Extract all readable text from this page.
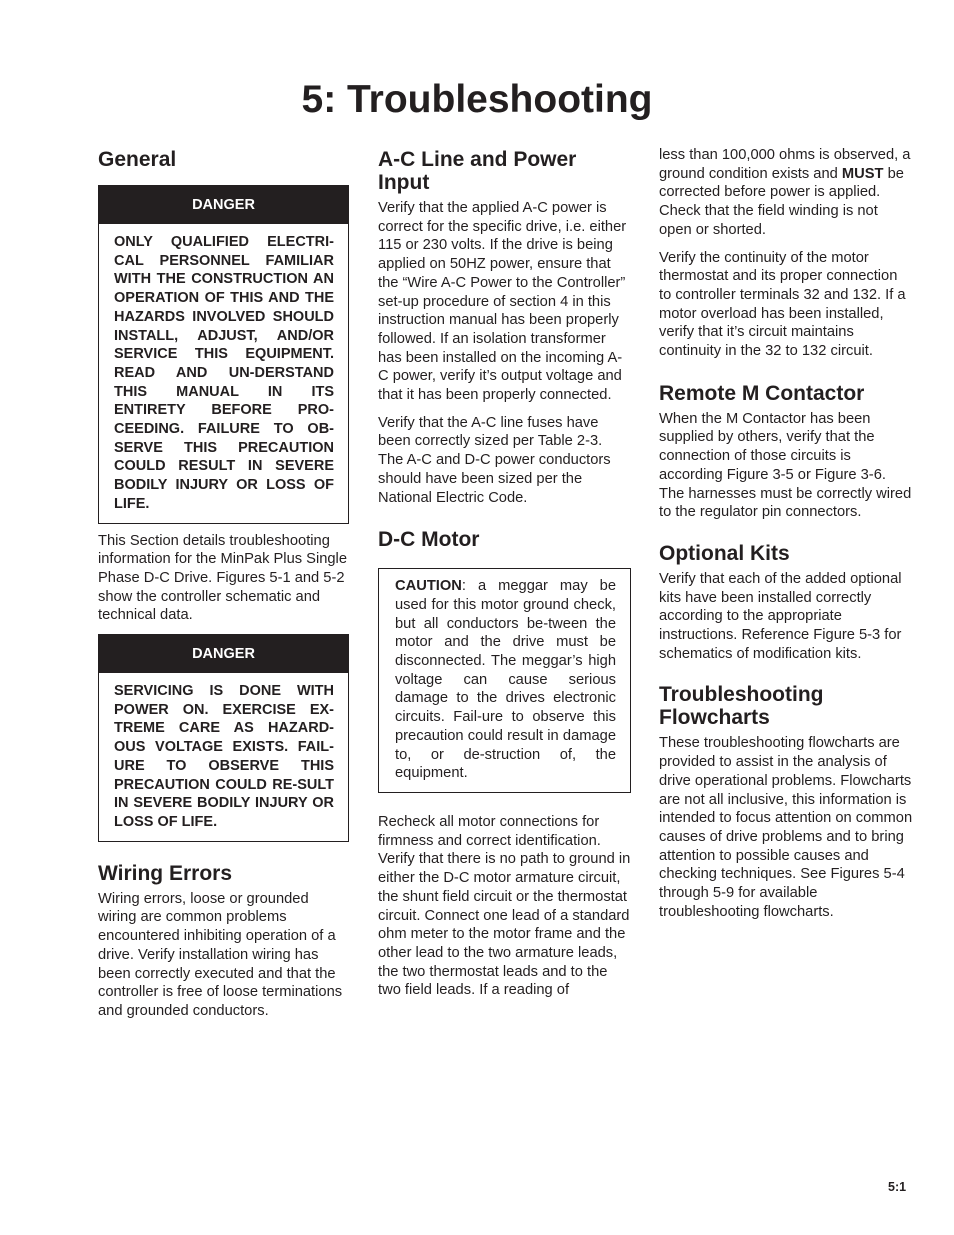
5: Troubleshooting
General
DANGER
ONLY QUALIFIED ELECTRI-CAL PERSONNEL FAMILIAR WITH THE CONSTRUCTION AN OPERATION OF THIS AND THE HAZARDS INVOLVED SHOULD INSTALL, ADJUST, AND/OR SERVICE THIS EQUIPMENT. READ AND UN-DERSTAND THIS MANUAL IN ITS ENTIRETY BEFORE PRO-CEEDING. FAILURE TO OB-SERVE THIS PRECAUTION COULD RESULT IN SEVERE BODILY INJURY OR LOSS OF LIFE.

This Section details troubleshooting information for the MinPak Plus Single Phase D-C Drive. Figures 5-1 and 5-2 show the controller schematic and technical data.

DANGER
SERVICING IS DONE WITH POWER ON. EXERCISE EX-TREME CARE AS HAZARD-OUS VOLTAGE EXISTS. FAIL-URE TO OBSERVE THIS PRECAUTION COULD RE-SULT IN SEVERE BODILY INJURY OR LOSS OF LIFE.
Wiring Errors

Wiring errors, loose or grounded wiring are common problems encountered inhibiting operation of a drive. Verify installation wiring has been correctly executed and that the controller is free of loose terminations and grounded conductors.

A-C Line and Power Input

Verify that the applied A-C power is correct for the specific drive, i.e. either 115 or 230 volts. If the drive is being applied on 50HZ power, ensure that the “Wire A-C Power to the Controller” set-up procedure of section 4 in this instruction manual has been properly followed. If an isolation transformer has been installed on the incoming A-C power, verify it’s output voltage and that it has been properly connected.

Verify that the A-C line fuses have been correctly sized per Table 2-3. The A-C and D-C power conductors should have been sized per the National Electric Code.

D-C Motor
CAUTION: a meggar may be used for this motor ground check, but all conductors be-tween the motor and the drive must be disconnected. The meggar’s high voltage can cause serious damage to the drives electronic circuits. Fail-ure to observe this precaution could result in damage to, or de-struction of, the equipment.

Recheck all motor connections for firmness and correct identification. Verify that there is no path to ground in either the D-C motor armature circuit, the shunt field circuit or the thermostat circuit. Connect one lead of a standard ohm meter to the motor frame and the other lead to the two armature leads, the two thermostat leads and to the two field leads. If a reading of

less than 100,000 ohms is observed, a ground condition exists and MUST be corrected before power is applied. Check that the field winding is not open or shorted.

Verify the continuity of the motor thermostat and its proper connection to controller terminals 32 and 132. If a motor overload has been installed, verify that it’s circuit maintains continuity in the 32 to 132 circuit.

Remote M Contactor

When the M Contactor has been supplied by others, verify that the connection of those circuits is according Figure 3-5 or Figure 3-6. The harnesses must be correctly wired to the regulator pin connectors.

Optional Kits

Verify that each of the added optional kits have been installed correctly according to the appropriate instructions. Reference Figure 5-3 for schematics of modification kits.

Troubleshooting Flowcharts

These troubleshooting flowcharts are provided to assist in the analysis of drive operational problems. Flowcharts are not all inclusive, this information is intended to focus attention on common causes of drive problems and to bring attention to possible causes and checking techniques. See Figures 5-4 through 5-9 for available troubleshooting flowcharts.

5:1
